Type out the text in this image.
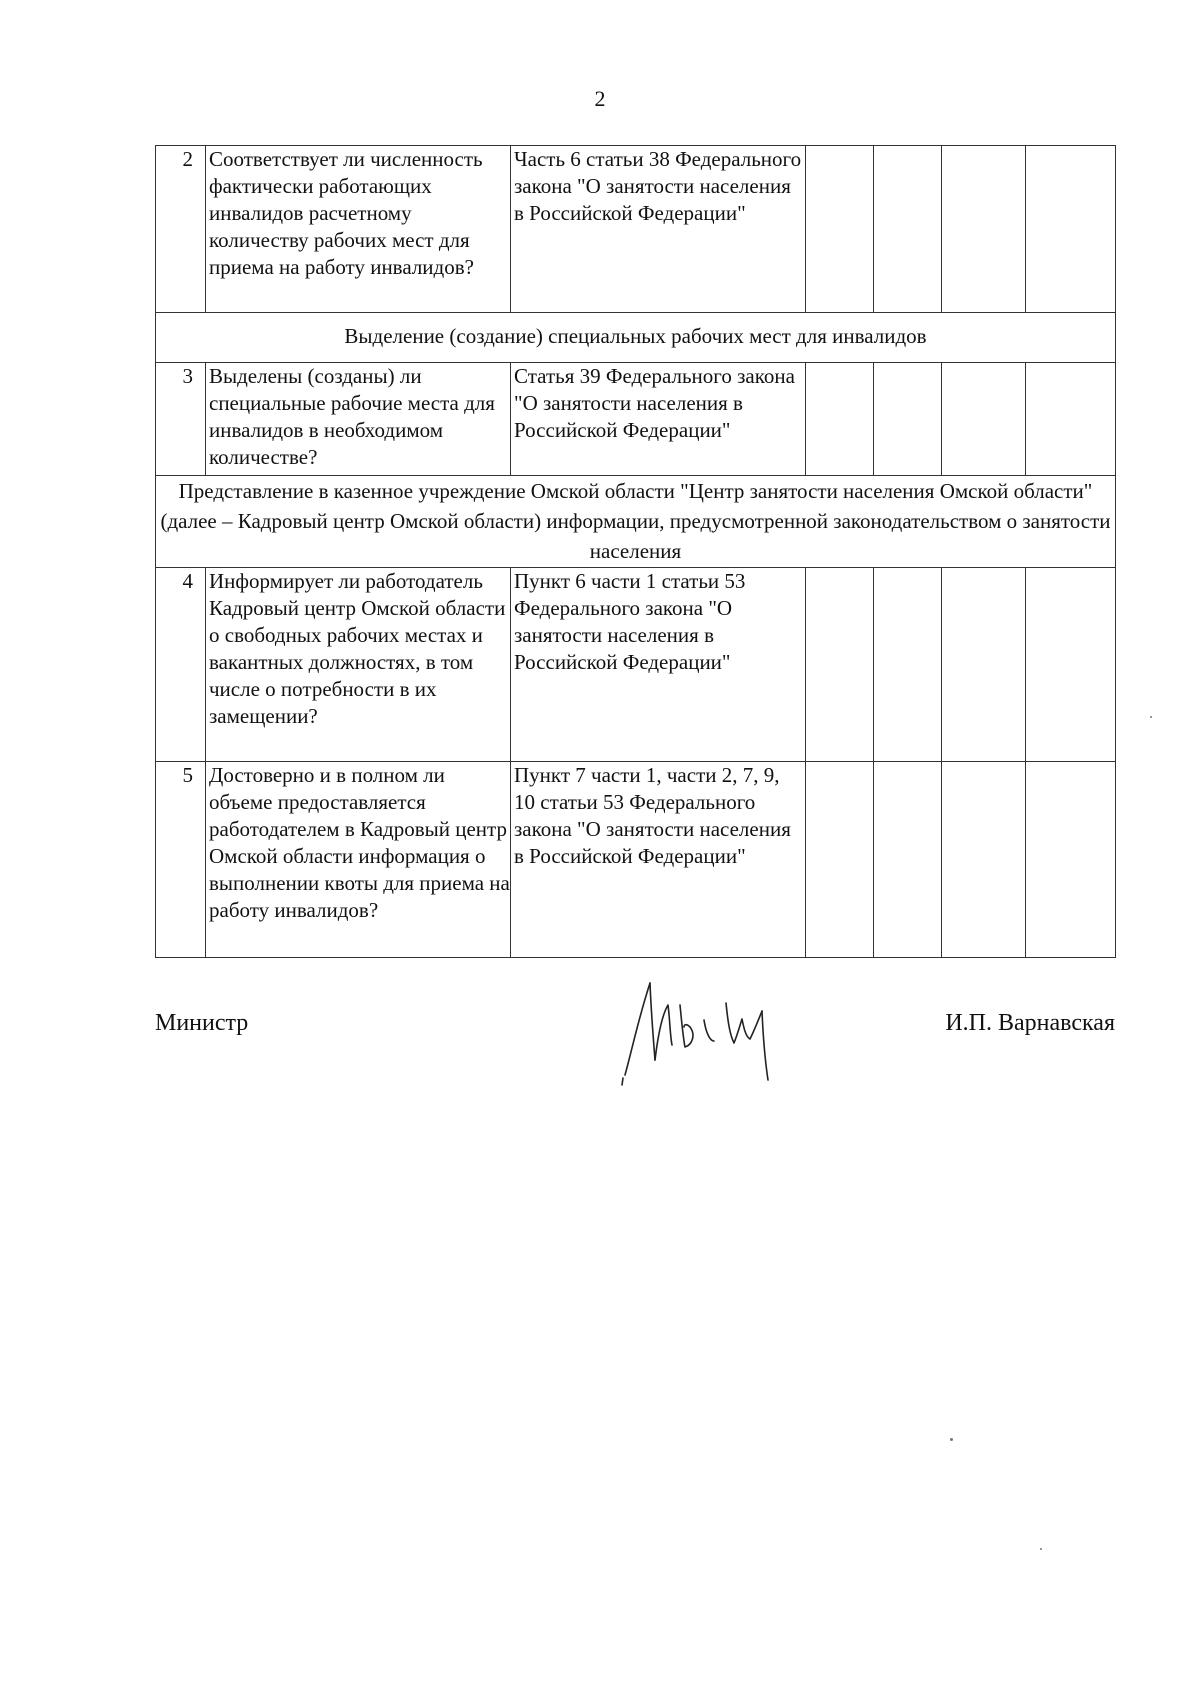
2
2	Соответствует ли численность фактически работающих инвалидов расчетному количеству рабочих мест для приема на работу инвалидов?	Часть 6 статьи 38 Федерального закона "О занятости населения в Российской Федерации"				
Выделение (создание) специальных рабочих мест для инвалидов						
3	Выделены (созданы) ли специальные рабочие места для инвалидов в необходимом количестве?	Статья 39 Федерального закона "О занятости населения в Российской Федерации"				
Представление в казенное учреждение Омской области "Центр занятости населения Омской области" (далее – Кадровый центр Омской области) информации, предусмотренной законодательством о занятости населения						
4	Информирует ли работодатель Кадровый центр Омской области о свободных рабочих местах и вакантных должностях, в том числе о потребности в их замещении?	Пункт 6 части 1 статьи 53 Федерального закона "О занятости населения в Российской Федерации"				
5	Достоверно и в полном ли объеме предоставляется работодателем в Кадровый центр Омской области информация о выполнении квоты для приема на работу инвалидов?	Пункт 7 части 1, части 2, 7, 9, 10 статьи 53 Федерального закона "О занятости населения в Российской Федерации"				
Министр	И.П. Варнавская
